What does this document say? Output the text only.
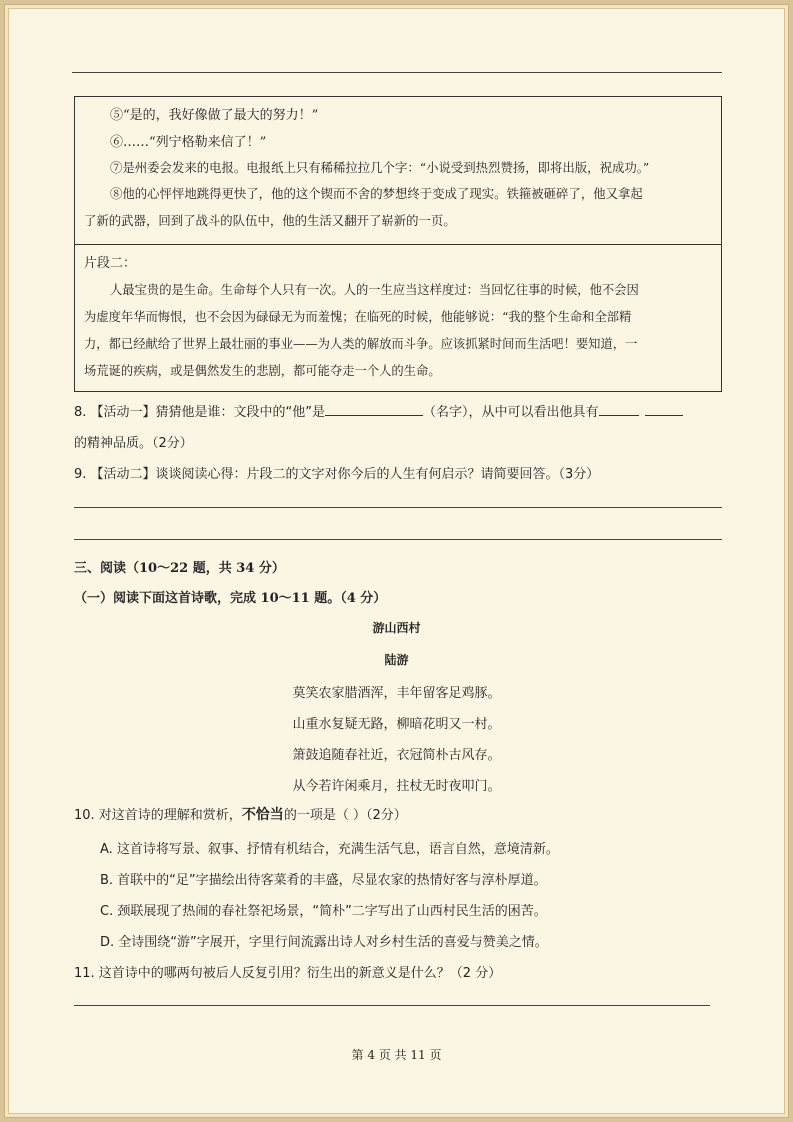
⑤“是的，我好像做了最大的努力！”
⑥……“列宁格勒来信了！”
⑦是州委会发来的电报。电报纸上只有稀稀拉拉几个字：“小说受到热烈赞扬，即将出版，祝成功。”
⑧他的心怦怦地跳得更快了，他的这个锲而不舍的梦想终于变成了现实。铁箍被砸碎了，他又拿起
了新的武器，回到了战斗的队伍中，他的生活又翻开了崭新的一页。
片段二：
人最宝贵的是生命。生命每个人只有一次。人的一生应当这样度过：当回忆往事的时候，他不会因
为虚度年华而悔恨，也不会因为碌碌无为而羞愧；在临死的时候，他能够说：“我的整个生命和全部精
力，都已经献给了世界上最壮丽的事业——为人类的解放而斗争。应该抓紧时间而生活吧！要知道，一
场荒诞的疾病，或是偶然发生的悲剧，都可能夺走一个人的生命。
8. 【活动一】猜猜他是谁：文段中的“他”是	（名字），从中可以看出他具有
的精神品质。（2分）
9. 【活动二】谈谈阅读心得：片段二的文字对你今后的人生有何启示？请简要回答。（3分）
三、阅读（10～22 题，共 34 分）
（一）阅读下面这首诗歌，完成 10～11 题。（4 分）
游山西村
陆游
莫笑农家腊酒浑，丰年留客足鸡豚。
山重水复疑无路，柳暗花明又一村。
箫鼓追随春社近，衣冠简朴古风存。
从今若许闲乘月，拄杖无时夜叩门。
10. 对这首诗的理解和赏析，不恰当的一项是（ ）（2分）
A. 这首诗将写景、叙事、抒情有机结合，充满生活气息，语言自然，意境清新。
B. 首联中的“足”字描绘出待客菜肴的丰盛，尽显农家的热情好客与淳朴厚道。
C. 颈联展现了热闹的春社祭祀场景，“简朴”二字写出了山西村民生活的困苦。
D. 全诗围绕“游”字展开，字里行间流露出诗人对乡村生活的喜爱与赞美之情。
11. 这首诗中的哪两句被后人反复引用？衍生出的新意义是什么？（2 分）
第 4 页 共 11 页
